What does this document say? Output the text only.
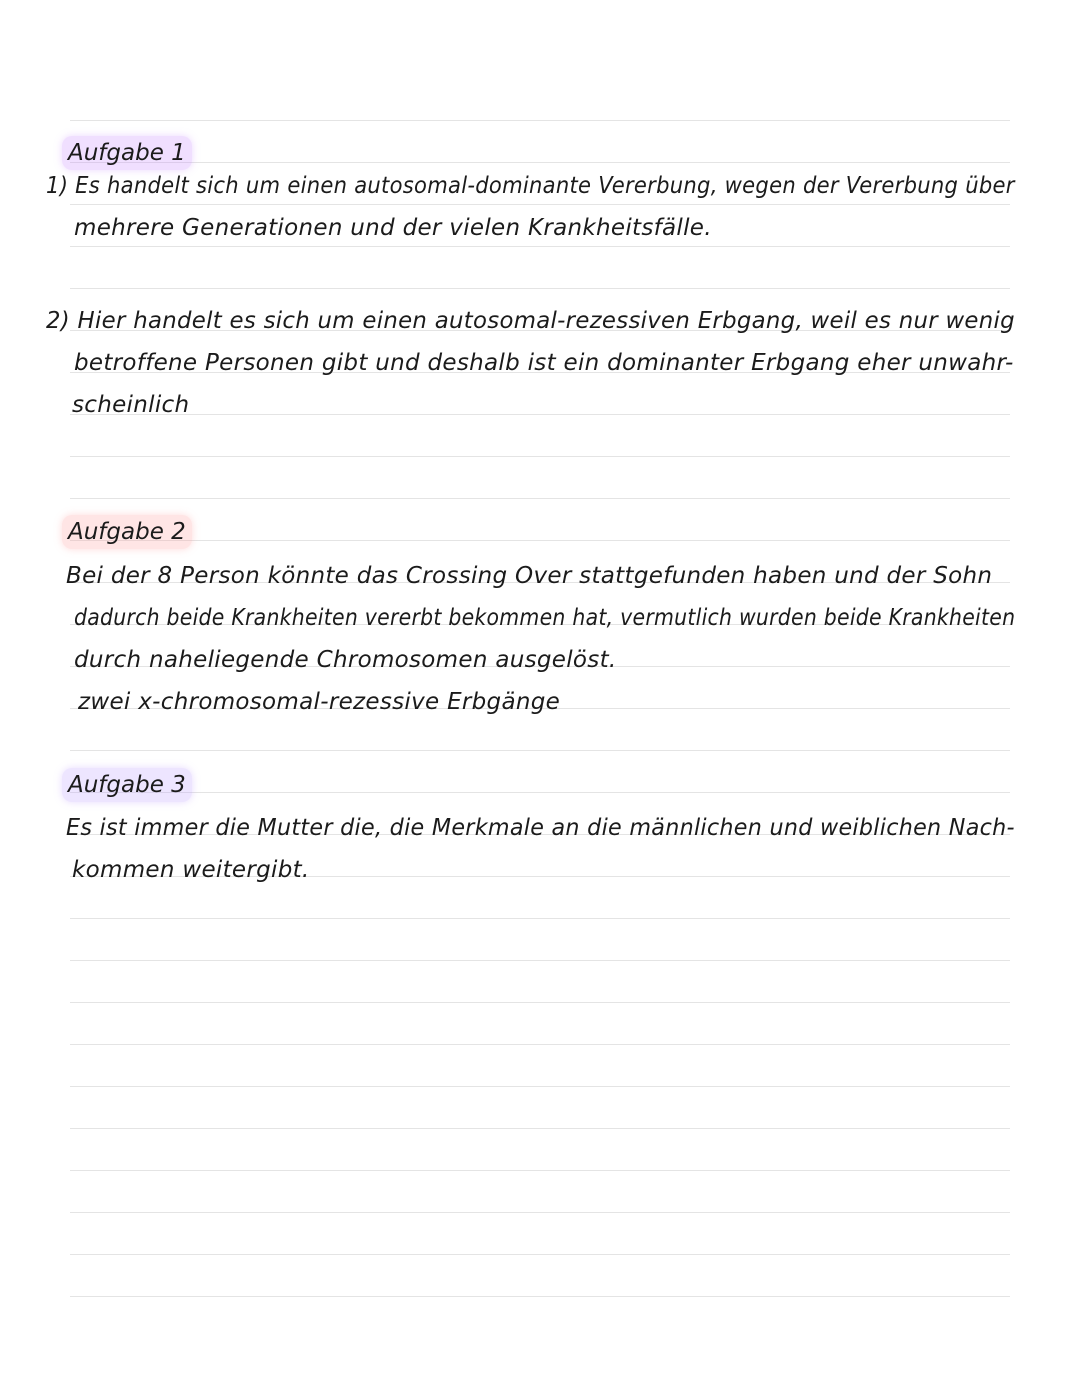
Aufgabe 1
1) Es handelt sich um einen autosomal-dominante Vererbung, wegen der Vererbung über
mehrere Generationen und der vielen Krankheitsfälle.
2) Hier handelt es sich um einen autosomal-rezessiven Erbgang, weil es nur wenig
betroffene Personen gibt und deshalb ist ein dominanter Erbgang eher unwahr-
scheinlich
Aufgabe 2
Bei der 8 Person könnte das Crossing Over stattgefunden haben und der Sohn
dadurch beide Krankheiten vererbt bekommen hat, vermutlich wurden beide Krankheiten
durch naheliegende Chromosomen ausgelöst.
zwei x-chromosomal-rezessive Erbgänge
Aufgabe 3
Es ist immer die Mutter die, die Merkmale an die männlichen und weiblichen Nach-
kommen weitergibt.
